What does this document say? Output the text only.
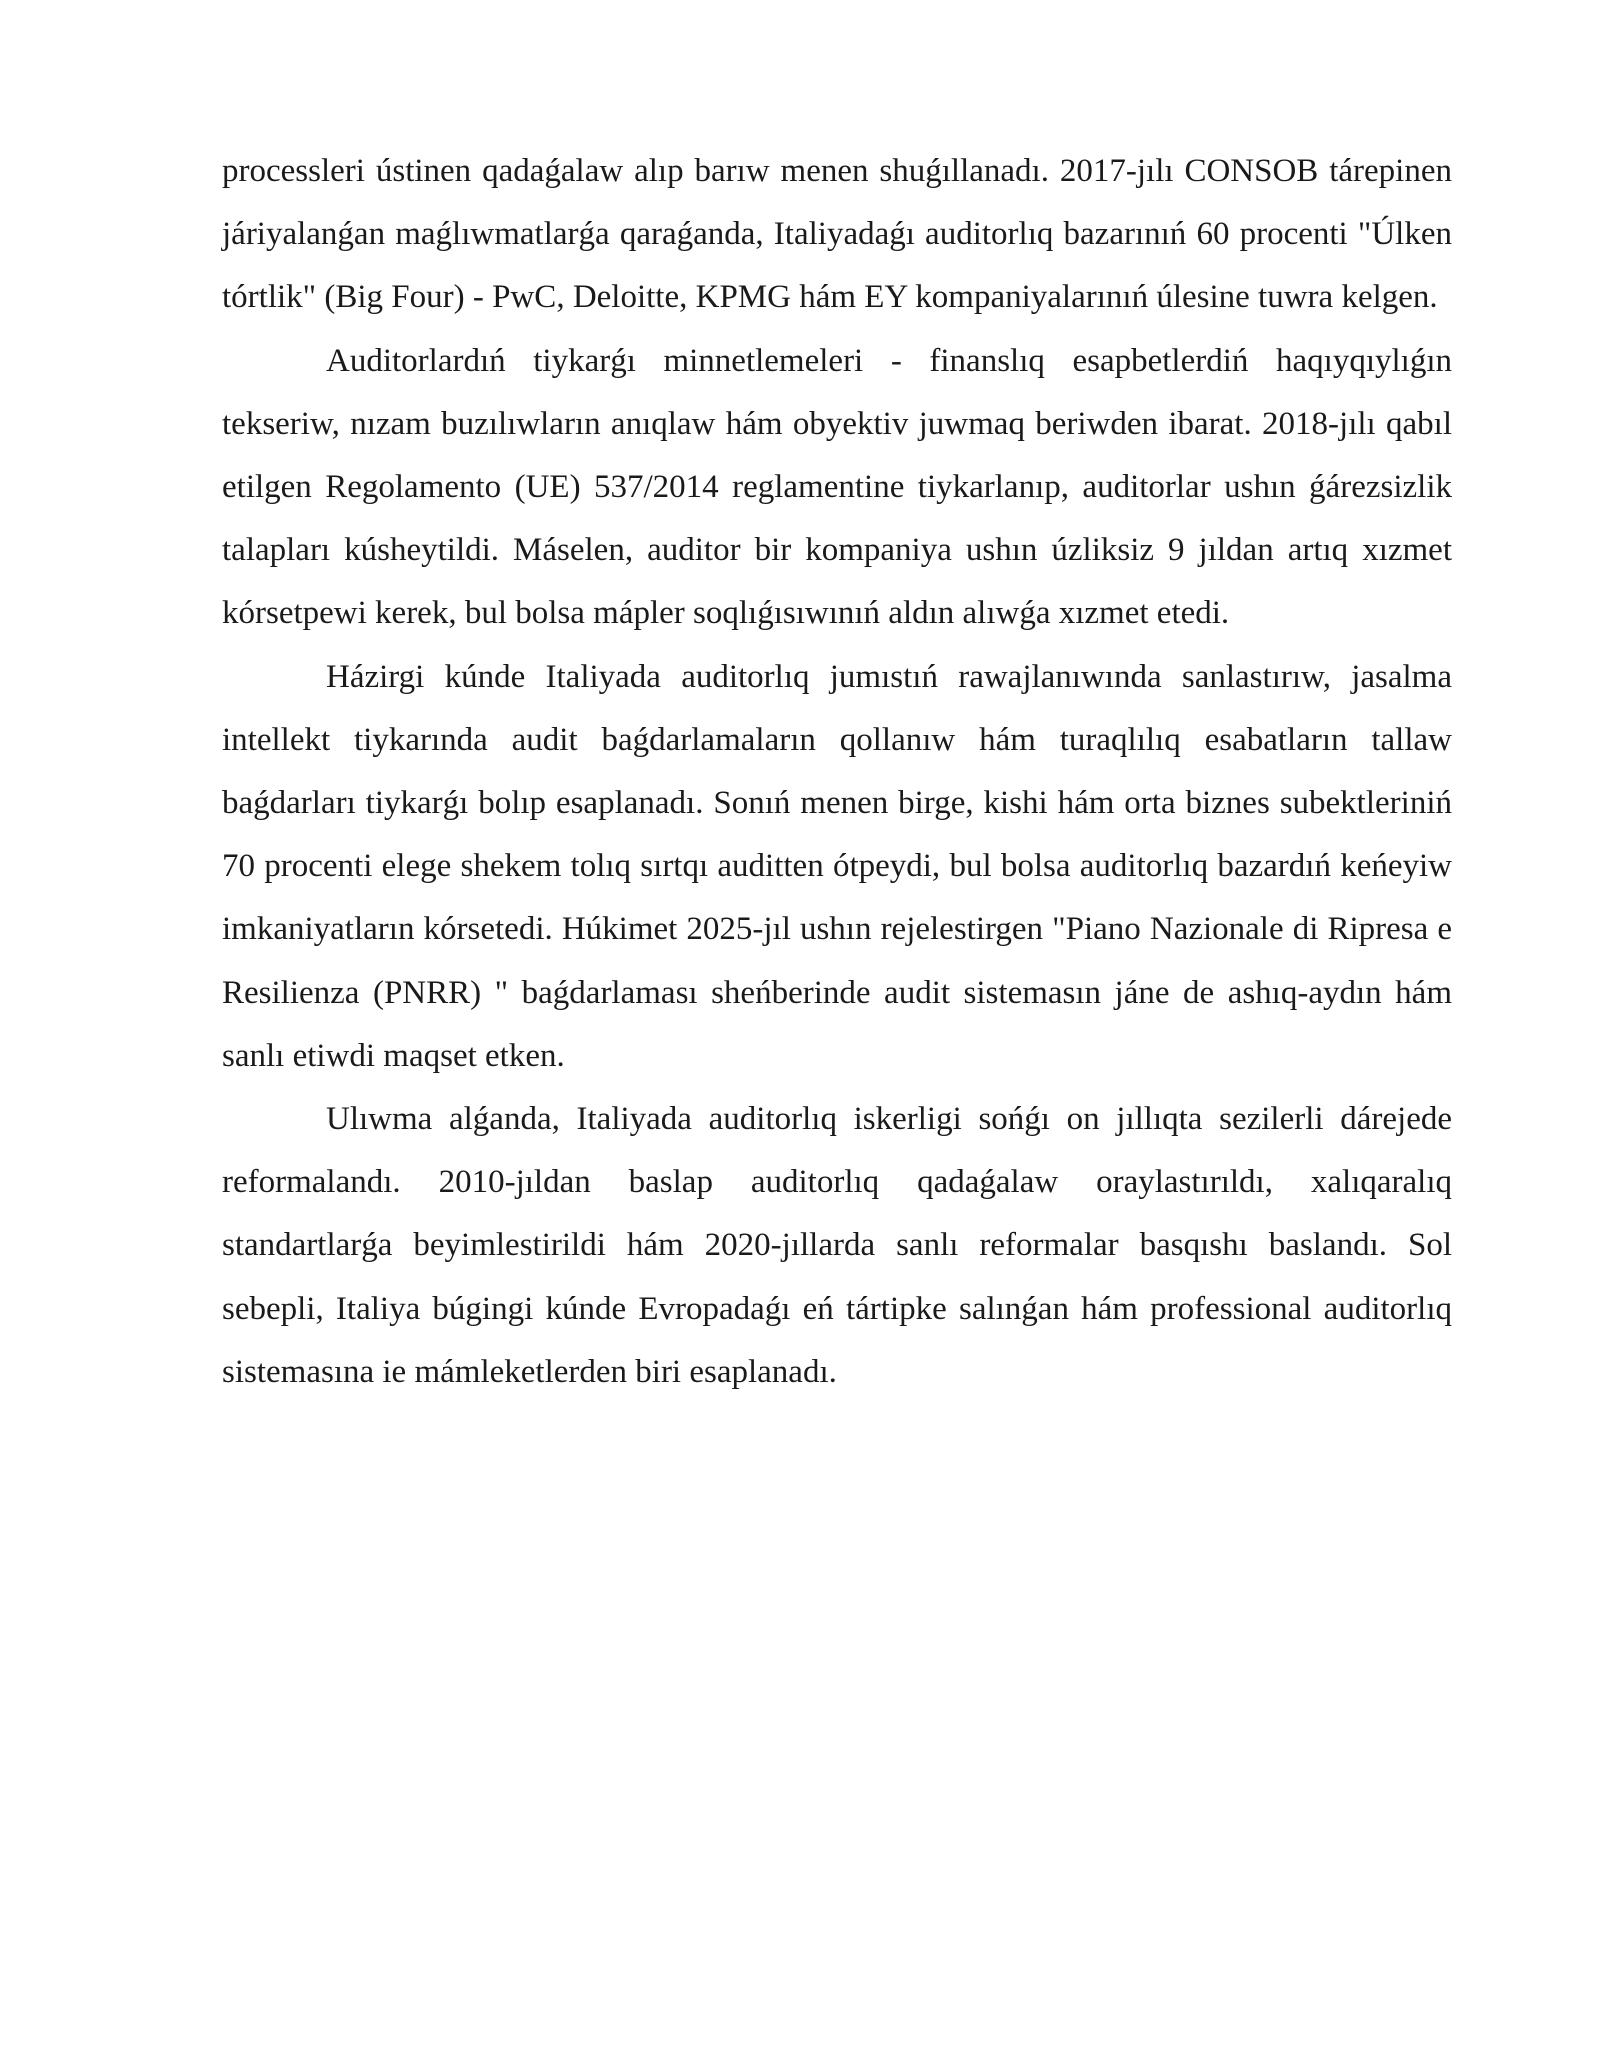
processleri ústinen qadaǵalaw alıp barıw menen shuǵıllanadı. 2017-jılı CONSOB tárepinen járiyalanǵan maǵlıwmatlarǵa qaraǵanda, Italiyadaǵı auditorlıq bazarınıń 60 procenti "Úlken tórtlik" (Big Four) - PwC, Deloitte, KPMG hám EY kompaniyalarınıń úlesine tuwra kelgen.

Auditorlardıń tiykarǵı minnetlemeleri - finanslıq esapbetlerdiń haqıyqıylıǵın tekseriw, nızam buzılıwların anıqlaw hám obyektiv juwmaq beriwden ibarat. 2018-jılı qabıl etilgen Regolamento (UE) 537/2014 reglamentine tiykarlanıp, auditorlar ushın ǵárezsizlik talapları kúsheytildi. Máselen, auditor bir kompaniya ushın úzliksiz 9 jıldan artıq xızmet kórsetpewi kerek, bul bolsa mápler soqlıǵısıwınıń aldın alıwǵa xızmet etedi.

Házirgi kúnde Italiyada auditorlıq jumıstıń rawajlanıwında sanlastırıw, jasalma intellekt tiykarında audit baǵdarlamaların qollanıw hám turaqlılıq esabatların tallaw baǵdarları tiykarǵı bolıp esaplanadı. Sonıń menen birge, kishi hám orta biznes subektleriniń 70 procenti elege shekem tolıq sırtqı auditten ótpeydi, bul bolsa auditorlıq bazardıń keńeyiw imkaniyatların kórsetedi. Húkimet 2025-jıl ushın rejelestirgen "Piano Nazionale di Ripresa e Resilienza (PNRR) " baǵdarlaması sheńberinde audit sistemasın jáne de ashıq-aydın hám sanlı etiwdi maqset etken.

Ulıwma alǵanda, Italiyada auditorlıq iskerligi sońǵı on jıllıqta sezilerli dárejede reformalandı. 2010-jıldan baslap auditorlıq qadaǵalaw oraylastırıldı, xalıqaralıq standartlarǵa beyimlestirildi hám 2020-jıllarda sanlı reformalar basqıshı baslandı. Sol sebepli, Italiya búgingi kúnde Evropadaǵı eń tártipke salınǵan hám professional auditorlıq sistemasına ie mámleketlerden biri esaplanadı.
